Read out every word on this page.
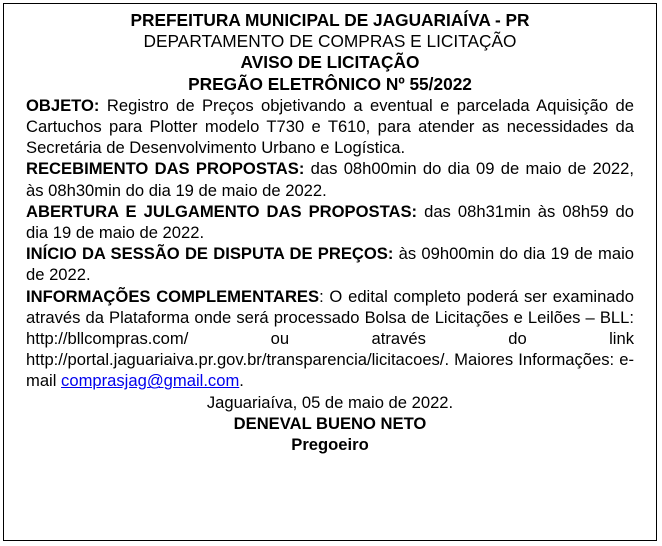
PREFEITURA MUNICIPAL DE JAGUARIAÍVA - PR
DEPARTAMENTO DE COMPRAS E LICITAÇÃO
AVISO DE LICITAÇÃO
PREGÃO ELETRÔNICO Nº 55/2022
OBJETO: Registro de Preços objetivando a eventual e parcelada Aquisição de Cartuchos para Plotter modelo T730 e T610, para atender as necessidades da Secretária de Desenvolvimento Urbano e Logística.
RECEBIMENTO DAS PROPOSTAS: das 08h00min do dia 09 de maio de 2022, às 08h30min do dia 19 de maio de 2022.
ABERTURA E JULGAMENTO DAS PROPOSTAS: das 08h31min às 08h59 do dia 19 de maio de 2022.
INÍCIO DA SESSÃO DE DISPUTA DE PREÇOS: às 09h00min do dia 19 de maio de 2022.
INFORMAÇÕES COMPLEMENTARES: O edital completo poderá ser examinado através da Plataforma onde será processado Bolsa de Licitações e Leilões – BLL: http://bllcompras.com/ ou através do link http://portal.jaguariaiva.pr.gov.br/transparencia/licitacoes/. Maiores Informações: e-mail comprasjag@gmail.com.
Jaguariaíva, 05 de maio de 2022.
DENEVAL BUENO NETO
Pregoeiro
